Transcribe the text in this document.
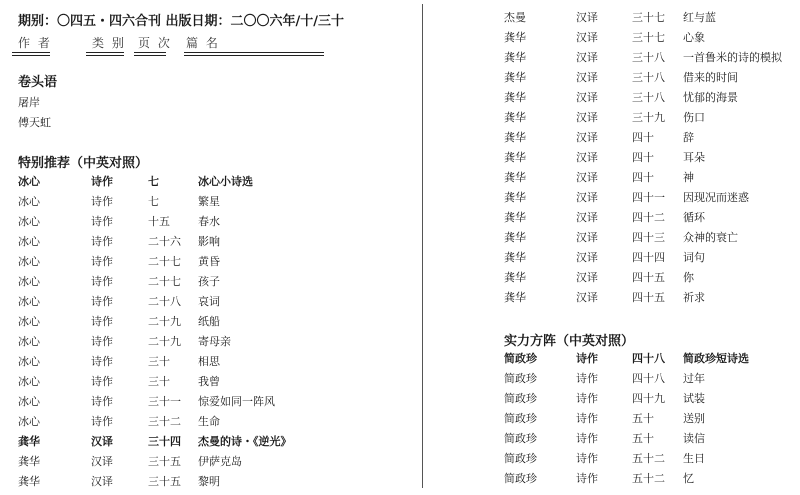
期别：〇四五・四六合刊 出版日期：二〇〇六年/十/三十
作 者	类 别 页 次 篇 名
卷头语
屠岸
傅天虹
特别推荐（中英对照）
冰心	诗作	七	冰心小诗选
冰心	诗作	七	繁星
冰心	诗作	十五	春水
冰心	诗作	二十六 影响
冰心	诗作	二十七 黄昏
冰心	诗作	二十七 孩子
冰心	诗作	二十八 哀词
冰心	诗作	二十九 纸船
冰心	诗作	二十九 寄母亲
冰心	诗作	三十	相思
冰心	诗作	三十	我曾
冰心	诗作	三十一 惊爱如同一阵风
冰心	诗作	三十二 生命
龚华	汉译	三十四 杰曼的诗・《逆光》
龚华	汉译	三十五 伊萨克岛
龚华	汉译	三十五 黎明
杰曼	汉译	三十七 红与蓝
龚华	汉译	三十七 心象
龚华	汉译	三十八 一首鲁米的诗的模拟
龚华	汉译	三十八 借来的时间
龚华	汉译	三十八 忧郁的海景
龚华	汉译	三十九 伤口
龚华	汉译	四十	辞
龚华	汉译	四十	耳朵
龚华	汉译	四十	神
龚华	汉译	四十一 因现况而迷惑
龚华	汉译	四十二 循环
龚华	汉译	四十三 众神的衰亡
龚华	汉译	四十四 词句
龚华	汉译	四十五 你
龚华	汉译	四十五 祈求
实力方阵（中英对照）
简政珍	诗作	四十八 简政珍短诗选
简政珍	诗作	四十八 过年
简政珍	诗作	四十九 试装
简政珍	诗作	五十	送别
简政珍	诗作	五十	读信
简政珍	诗作	五十二 生日
简政珍	诗作	五十二 忆
